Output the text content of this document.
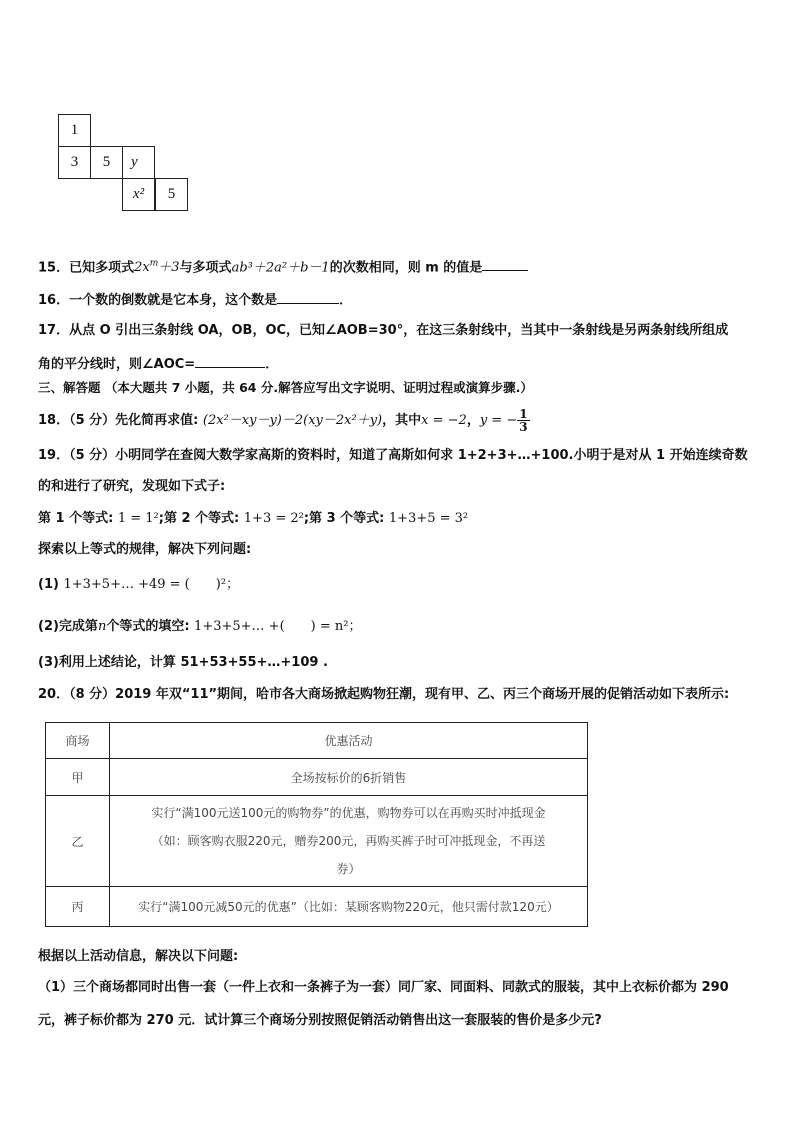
1
3	5	y
x²	5
15．已知多项式$2x^m+3$与多项式ab³＋2a²＋b－1的次数相同，则 m 的值是
16．一个数的倒数就是它本身，这个数是	．
17．从点 O 引出三条射线 OA，OB，OC，已知∠AOB=30°，在这三条射线中，当其中一条射线是另两条射线所组成
角的平分线时，则∠AOC=	．
三、解答题 （本大题共 7 小题，共 64 分.解答应写出文字说明、证明过程或演算步骤.）
18．（5 分）先化简再求值: (2x²－xy－y)－2(xy－2x²＋y)，其中x = −2，y = − $\frac{1}{3}$
19．（5 分）小明同学在查阅大数学家高斯的资料时，知道了高斯如何求 1+2+3+…+100.小明于是对从 1 开始连续奇数
的和进行了研究，发现如下式子:
第 1 个等式: 1 = 1²;第 2 个等式: 1+3 = 2²;第 3 个等式: 1+3+5 = 3²
探索以上等式的规律，解决下列问题:
(1) 1+3+5+… +49 = (　　)²；
(2)完成第n个等式的填空: 1+3+5+… +(　　) = n²；
(3)利用上述结论，计算 51+53+55+…+109 .
20．（8 分）2019 年双“11”期间，哈市各大商场掀起购物狂潮，现有甲、乙、丙三个商场开展的促销活动如下表所示:
商场	优惠活动
甲	全场按标价的6折销售
乙	实行“满100元送100元的购物券”的优惠，购物券可以在再购买时冲抵现金
（如：顾客购衣服220元，赠券200元，再购买裤子时可冲抵现金，不再送
券）

丙	实行“满100元减50元的优惠”（比如：某顾客购物220元，他只需付款120元）
根据以上活动信息，解决以下问题:
（1）三个商场都同时出售一套（一件上衣和一条裤子为一套）同厂家、同面料、同款式的服装，其中上衣标价都为 290
元，裤子标价都为 270 元．试计算三个商场分别按照促销活动销售出这一套服装的售价是多少元?
